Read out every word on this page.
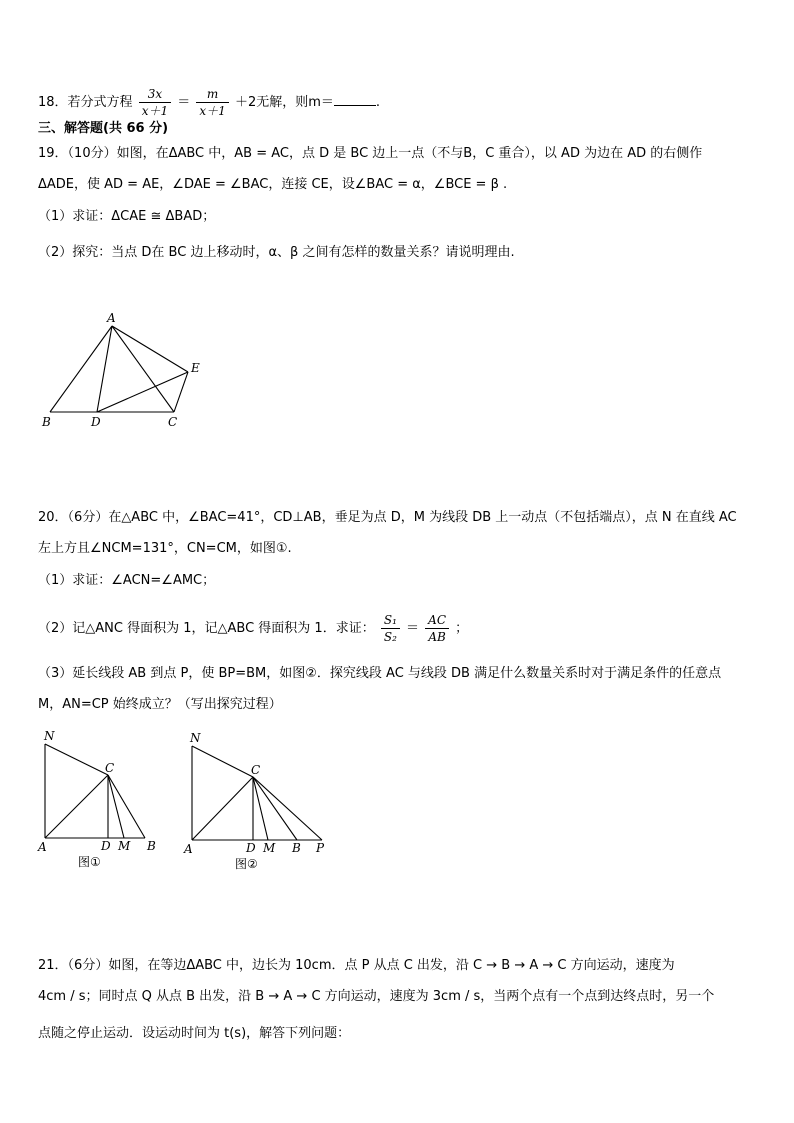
18．若分式方程 $\frac{3x}{x+1} = \frac{m}{x+1} +2$无解，则m＝	.
三、解答题(共 66 分)
19．（10分）如图，在ΔABC 中，AB = AC，点 D 是 BC 边上一点（不与B，C 重合），以 AD 为边在 AD 的右侧作
ΔADE，使 AD = AE，∠DAE = ∠BAC，连接 CE，设∠BAC = α，∠BCE = β .
（1）求证：ΔCAE ≅ ΔBAD；
（2）探究：当点 D在 BC 边上移动时，α、β 之间有怎样的数量关系？请说明理由.
A
B	D	C
E
20．（6分）在△ABC 中，∠BAC=41°，CD⊥AB，垂足为点 D，M 为线段 DB 上一动点（不包括端点），点 N 在直线 AC
左上方且∠NCM=131°，CN=CM，如图①.
（1）求证：∠ACN=∠AMC；
（2）记△ANC 得面积为 1，记△ABC 得面积为 1．求证： $\frac{\text{S₁}}{\text{S₂}} = \frac{AC}{AB}$ ；
（3）延长线段 AB 到点 P，使 BP=BM，如图②．探究线段 AC 与线段 DB 满足什么数量关系时对于满足条件的任意点
M，AN=CP 始终成立？（写出探究过程）
N
C
A	D M B
图①
N
C
A	D M B P
图②
21．（6分）如图，在等边ΔABC 中，边长为 10cm．点 P 从点 C 出发，沿 C → B → A → C 方向运动，速度为
4cm / s；同时点 Q 从点 B 出发，沿 B → A → C 方向运动，速度为 3cm / s，当两个点有一个点到达终点时，另一个
点随之停止运动．设运动时间为 t(s)，解答下列问题：
